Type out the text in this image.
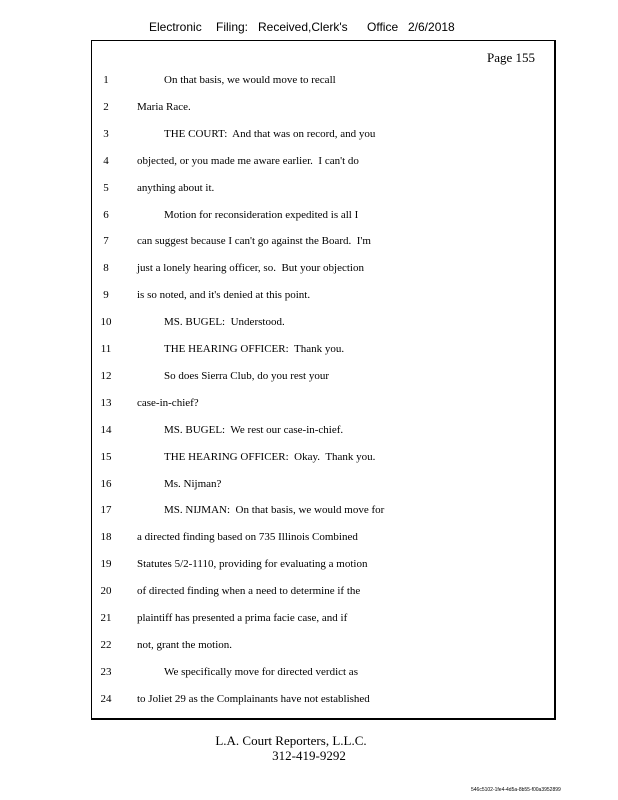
Electronic Filing: Received,Clerk's Office 2/6/2018
Page 155
1	On that basis, we would move to recall
2	Maria Race.
3	THE COURT:  And that was on record, and you
4	objected, or you made me aware earlier.  I can't do
5	anything about it.
6	Motion for reconsideration expedited is all I
7	can suggest because I can't go against the Board.  I'm
8	just a lonely hearing officer, so.  But your objection
9	is so noted, and it's denied at this point.
10	MS. BUGEL:  Understood.
11	THE HEARING OFFICER:  Thank you.
12	So does Sierra Club, do you rest your
13	case-in-chief?
14	MS. BUGEL:  We rest our case-in-chief.
15	THE HEARING OFFICER:  Okay.  Thank you.
16	Ms. Nijman?
17	MS. NIJMAN:  On that basis, we would move for
18	a directed finding based on 735 Illinois Combined
19	Statutes 5/2-1110, providing for evaluating a motion
20	of directed finding when a need to determine if the
21	plaintiff has presented a prima facie case, and if
22	not, grant the motion.
23	We specifically move for directed verdict as
24	to Joliet 29 as the Complainants have not established
L.A. Court Reporters, L.L.C.
312-419-9292
546c5102-1fe4-4d5a-8b55-f00a3952899
